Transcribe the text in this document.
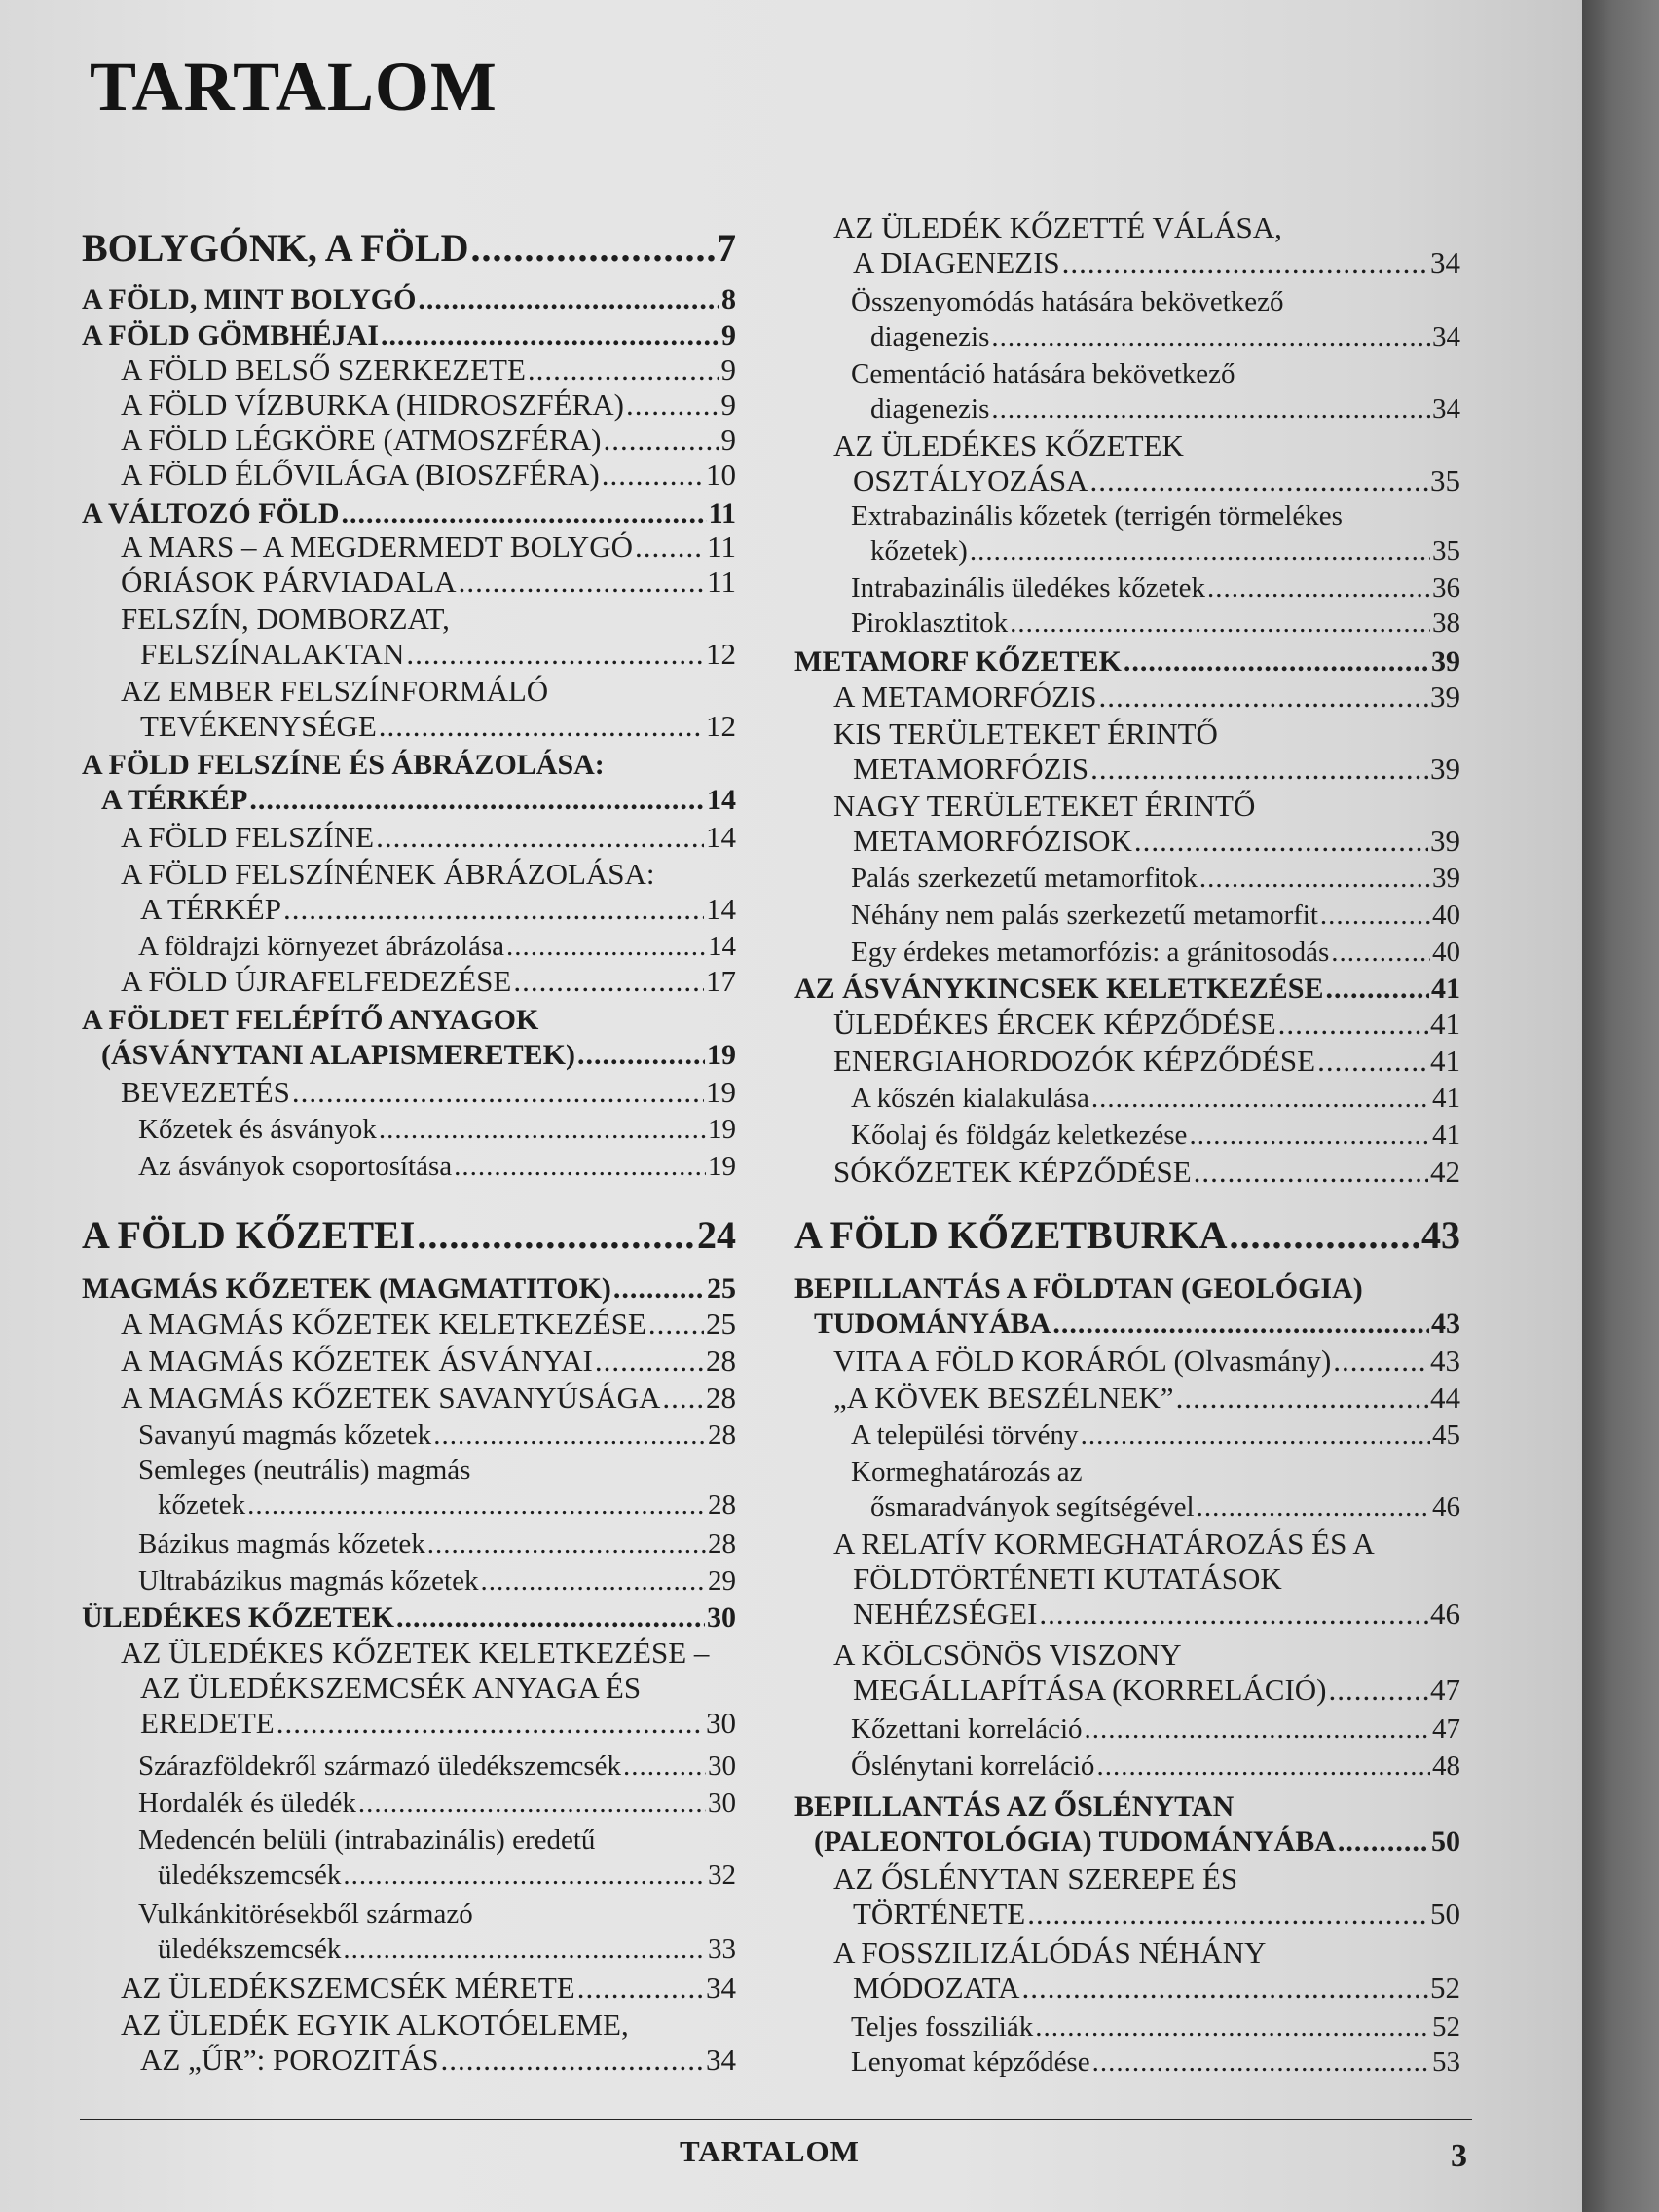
TARTALOM
BOLYGÓNK, A FÖLD .....	7
A FÖLD, MINT BOLYGÓ .....	8
A FÖLD GÖMBHÉJAI .....	9
A FÖLD BELSŐ SZERKEZETE .....	9
A FÖLD VÍZBURKA (HIDROSZFÉRA) .....	9
A FÖLD LÉGKÖRE (ATMOSZFÉRA) .....	9
A FÖLD ÉLŐVILÁGA (BIOSZFÉRA) .....	10
A VÁLTOZÓ FÖLD .....	11
A MARS – A MEGDERMEDT BOLYGÓ ..... 11
ÓRIÁSOK PÁRVIADALA .....	11
FELSZÍN, DOMBORZAT,
FELSZÍNALAKTAN .....	12
AZ EMBER FELSZÍNFORMÁLÓ
TEVÉKENYSÉGE .....	12
A FÖLD FELSZÍNE ÉS ÁBRÁZOLÁSA:
A TÉRKÉP .....	14
A FÖLD FELSZÍNE .....	14
A FÖLD FELSZÍNÉNEK ÁBRÁZOLÁSA:
A TÉRKÉP .....	14
A földrajzi környezet ábrázolása .....	14
A FÖLD ÚJRAFELFEDEZÉSE .....	17
A FÖLDET FELÉPÍTŐ ANYAGOK
(ÁSVÁNYTANI ALAPISMERETEK) .....	19
BEVEZETÉS .....	19
Kőzetek és ásványok .....	19
Az ásványok csoportosítása .....	19
A FÖLD KŐZETEI .....	24
MAGMÁS KŐZETEK (MAGMATITOK) .....	25
A MAGMÁS KŐZETEK KELETKEZÉSE ..... 25
A MAGMÁS KŐZETEK ÁSVÁNYAI .....	28
A MAGMÁS KŐZETEK SAVANYÚSÁGA ..... 28
Savanyú magmás kőzetek .....	28
Semleges (neutrális) magmás
kőzetek .....	28
Bázikus magmás kőzetek .....	28
Ultrabázikus magmás kőzetek .....	29
ÜLEDÉKES KŐZETEK .....	30
AZ ÜLEDÉKES KŐZETEK KELETKEZÉSE –
AZ ÜLEDÉKSZEMCSÉK ANYAGA ÉS
EREDETE .....	30
Szárazföldekről származó üledékszemcsék .....	30
Hordalék és üledék .....	30
Medencén belüli (intrabazinális) eredetű
üledékszemcsék .....	32
Vulkánkitörésekből származó
üledékszemcsék .....	33
AZ ÜLEDÉKSZEMCSÉK MÉRETE .....	34
AZ ÜLEDÉK EGYIK ALKOTÓELEME,
AZ „ŰR”: POROZITÁS .....	34
AZ ÜLEDÉK KŐZETTÉ VÁLÁSA,
A DIAGENEZIS .....	34
Összenyomódás hatására bekövetkező
diagenezis .....	34
Cementáció hatására bekövetkező
diagenezis .....	34
AZ ÜLEDÉKES KŐZETEK
OSZTÁLYOZÁSA .....	35
Extrabazinális kőzetek (terrigén törmelékes
kőzetek) .....	35
Intrabazinális üledékes kőzetek .....	36
Piroklasztitok .....	38
METAMORF KŐZETEK .....	39
A METAMORFÓZIS .....	39
KIS TERÜLETEKET ÉRINTŐ
METAMORFÓZIS .....	39
NAGY TERÜLETEKET ÉRINTŐ
METAMORFÓZISOK .....	39
Palás szerkezetű metamorfitok .....	39
Néhány nem palás szerkezetű metamorfit .....	40
Egy érdekes metamorfózis: a gránitosodás .....	40
AZ ÁSVÁNYKINCSEK KELETKEZÉSE .....	41
ÜLEDÉKES ÉRCEK KÉPZŐDÉSE .....	41
ENERGIAHORDOZÓK KÉPZŐDÉSE .....	41
A kőszén kialakulása .....	41
Kőolaj és földgáz keletkezése .....	41
SÓKŐZETEK KÉPZŐDÉSE .....	42
A FÖLD KŐZETBURKA .....	43
BEPILLANTÁS A FÖLDTAN (GEOLÓGIA)
TUDOMÁNYÁBA .....	43
VITA A FÖLD KORÁRÓL (Olvasmány) .....	43
„A KÖVEK BESZÉLNEK” .....	44
A települési törvény .....	45
Kormeghatározás az
ősmaradványok segítségével .....	46
A RELATÍV KORMEGHATÁROZÁS ÉS A
FÖLDTÖRTÉNETI KUTATÁSOK
NEHÉZSÉGEI .....	46
A KÖLCSÖNÖS VISZONY
MEGÁLLAPÍTÁSA (KORRELÁCIÓ) .....	47
Kőzettani korreláció .....	47
Őslénytani korreláció .....	48
BEPILLANTÁS AZ ŐSLÉNYTAN
(PALEONTOLÓGIA) TUDOMÁNYÁBA .....	50
AZ ŐSLÉNYTAN SZEREPE ÉS
TÖRTÉNETE .....	50
A FOSSZILIZÁLÓDÁS NÉHÁNY
MÓDOZATA .....	52
Teljes fossziliák .....	52
Lenyomat képződése .....	53
TARTALOM	3
